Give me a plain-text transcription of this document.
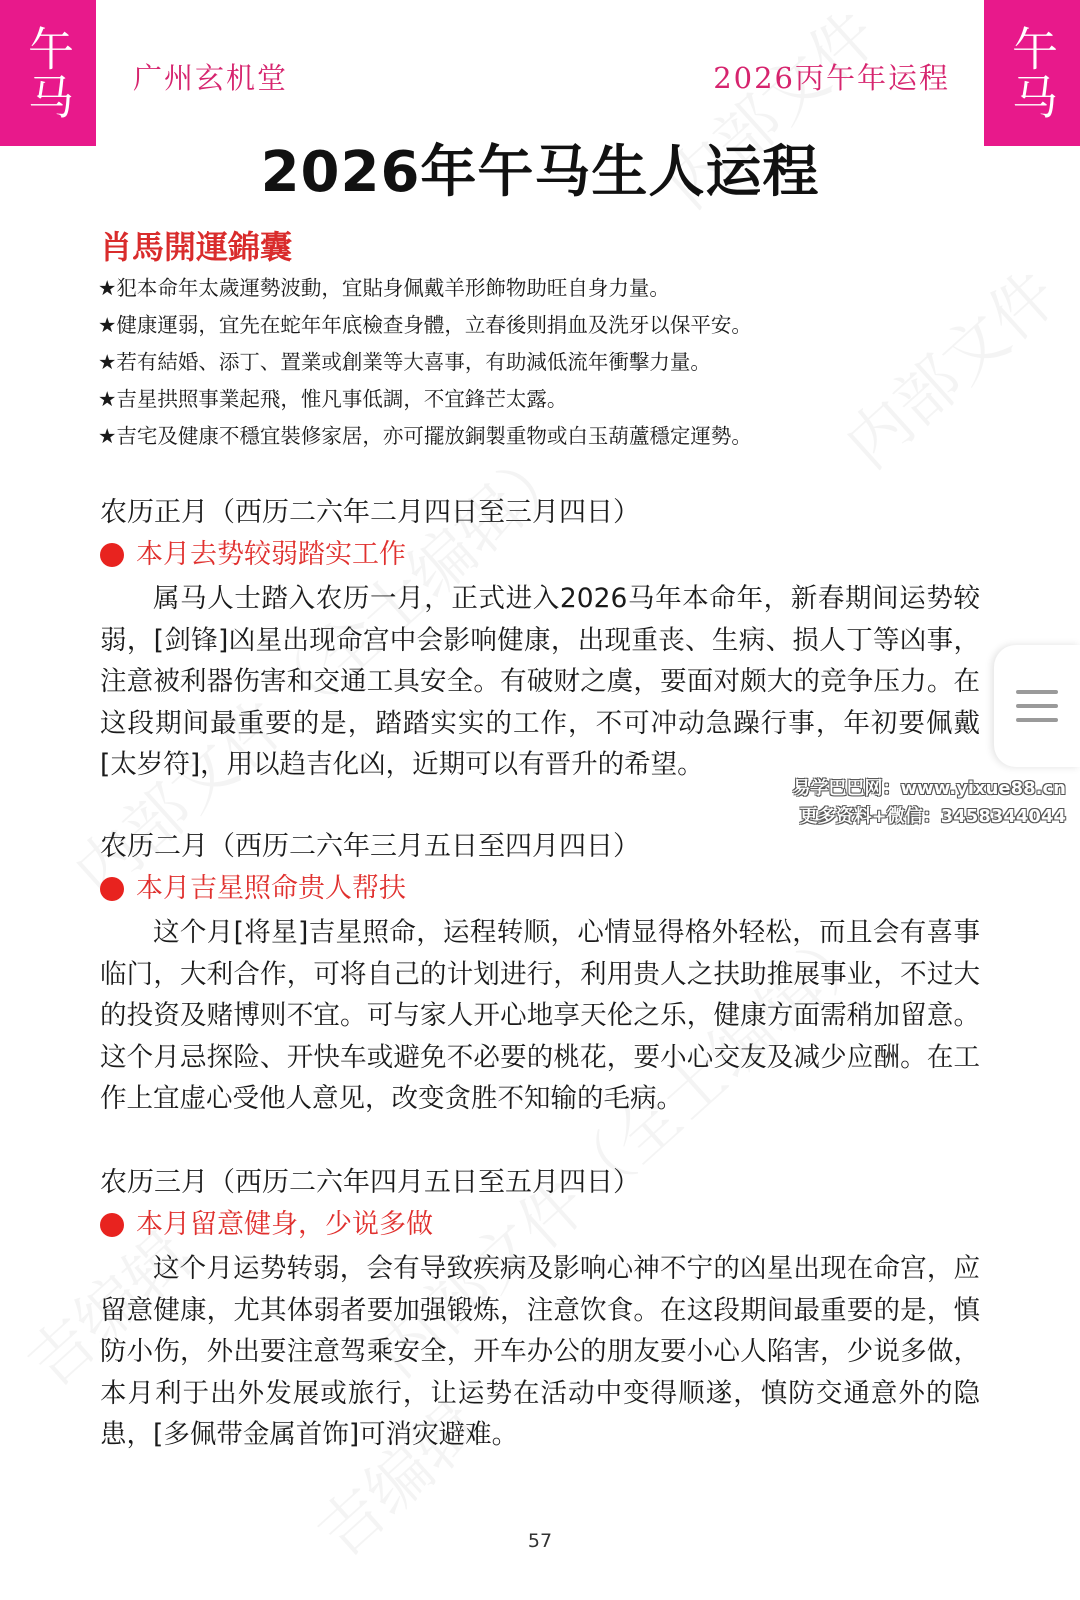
午马	午马
广州玄机堂	2026丙午年运程
2026年午马生人运程
肖馬開運錦囊
★犯本命年太歲運勢波動，宜貼身佩戴羊形飾物助旺自身力量。
★健康運弱，宜先在蛇年年底檢查身體，立春後則捐血及洗牙以保平安。
★若有結婚、添丁、置業或創業等大喜事，有助減低流年衝擊力量。
★吉星拱照事業起飛，惟凡事低調，不宜鋒芒太露。
★吉宅及健康不穩宜裝修家居，亦可擺放銅製重物或白玉葫蘆穩定運勢。
农历正月（西历二六年二月四日至三月四日）
本月去势较弱踏实工作
属马人士踏入农历一月，正式进入2026马年本命年，新春期间运势较弱，[剑锋]凶星出现命宫中会影响健康，出现重丧、生病、损人丁等凶事，注意被利器伤害和交通工具安全。有破财之虞，要面对颇大的竞争压力。在这段期间最重要的是，踏踏实实的工作，不可冲动急躁行事，年初要佩戴[太岁符]，用以趋吉化凶，近期可以有晋升的希望。
农历二月（西历二六年三月五日至四月四日）
本月吉星照命贵人帮扶
这个月[将星]吉星照命，运程转顺，心情显得格外轻松，而且会有喜事临门，大利合作，可将自己的计划进行，利用贵人之扶助推展事业，不过大的投资及赌博则不宜。可与家人开心地享天伦之乐，健康方面需稍加留意。这个月忌探险、开快车或避免不必要的桃花，要小心交友及减少应酬。在工作上宜虚心受他人意见，改变贪胜不知输的毛病。
农历三月（西历二六年四月五日至五月四日）
本月留意健身，少说多做
这个月运势转弱，会有导致疾病及影响心神不宁的凶星出现在命宫，应留意健康，尤其体弱者要加强锻炼，注意饮食。在这段期间最重要的是，慎防小伤，外出要注意驾乘安全，开车办公的朋友要小心人陷害，少说多做，本月利于出外发展或旅行，让运势在活动中变得顺遂，慎防交通意外的隐患，[多佩带金属首饰]可消灾避难。
易学巴巴网：www.yixue88.cn
更多资料+微信：3458344044
57
